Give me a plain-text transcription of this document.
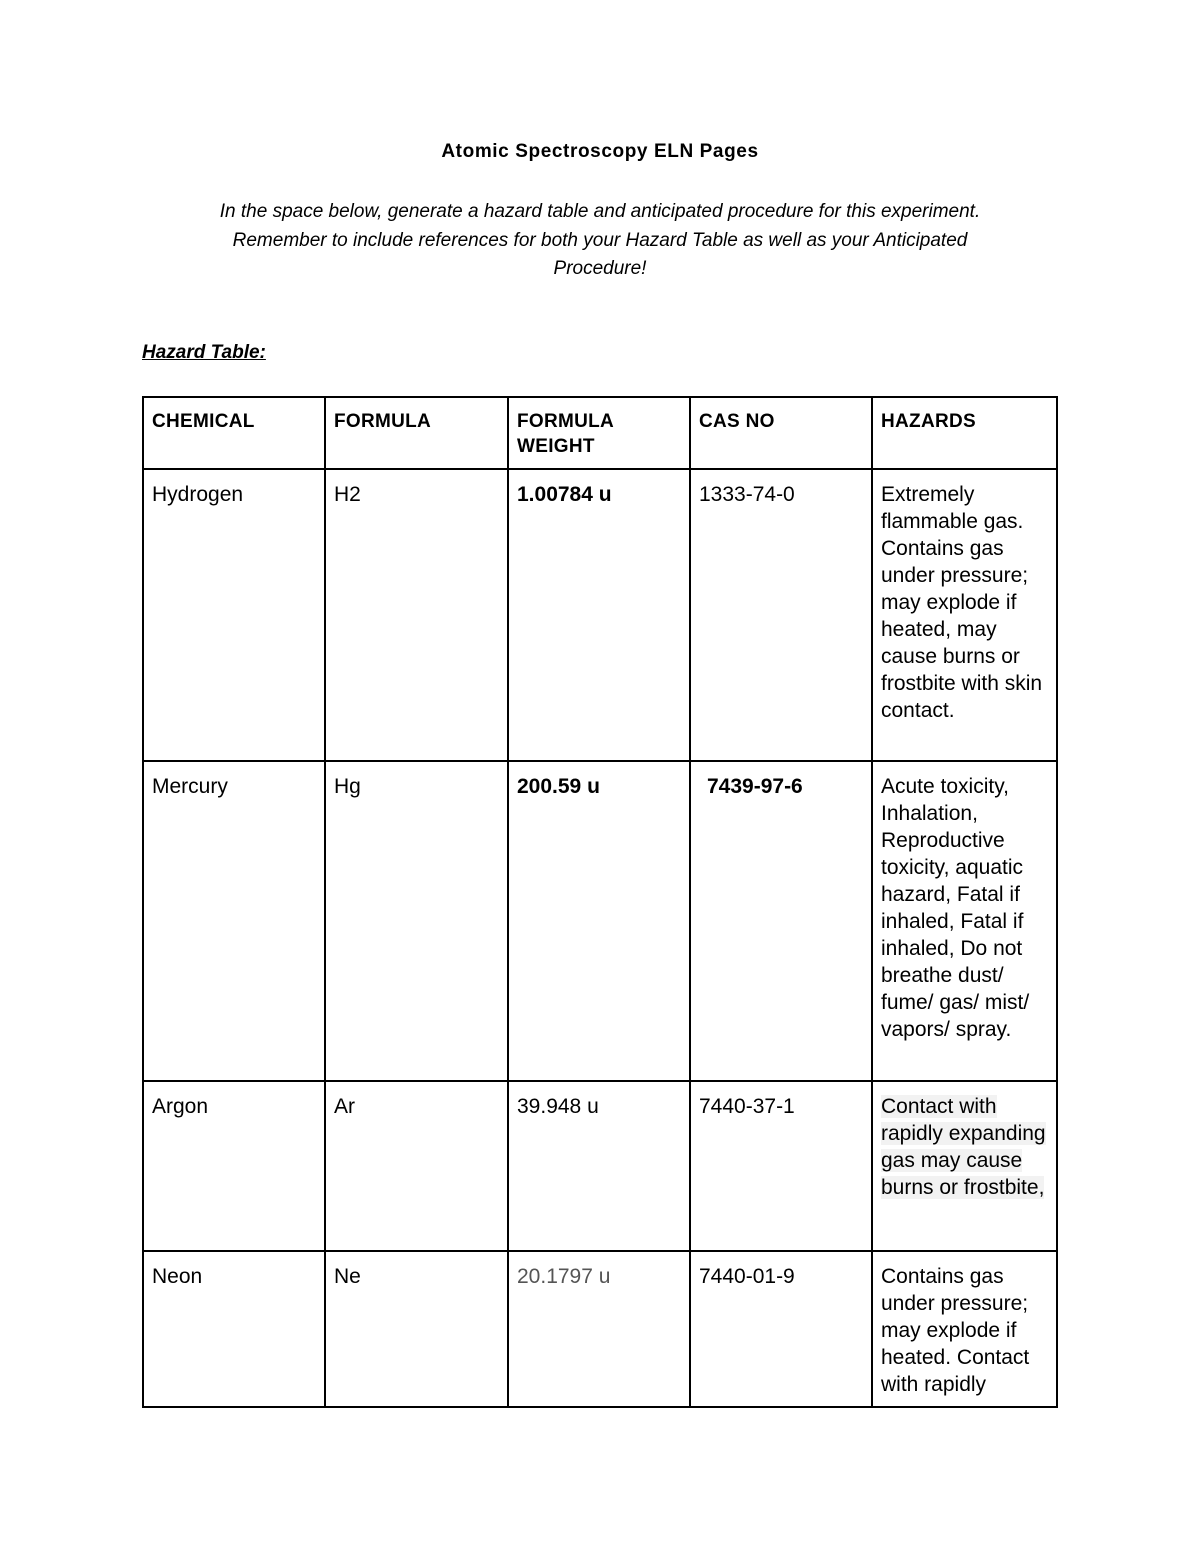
Atomic Spectroscopy ELN Pages
In the space below, generate a hazard table and anticipated procedure for this experiment.
Remember to include references for both your Hazard Table as well as your Anticipated
Procedure!
Hazard Table:
CHEMICAL	FORMULA	FORMULA WEIGHT	CAS NO	HAZARDS
Hydrogen	H2	1.00784 u	1333-74-0	Extremely flammable gas. Contains gas under pressure; may explode if heated, may cause burns or frostbite with skin contact.
Mercury	Hg	200.59 u	7439-97-6	Acute toxicity, Inhalation, Reproductive toxicity, aquatic hazard, Fatal if inhaled, Fatal if inhaled, Do not breathe dust/ fume/ gas/ mist/ vapors/ spray.
Argon	Ar	39.948 u	7440-37-1	Contact with rapidly expanding gas may cause burns or frostbite,
Neon	Ne	20.1797 u	7440-01-9	Contains gas under pressure; may explode if heated. Contact with rapidly
